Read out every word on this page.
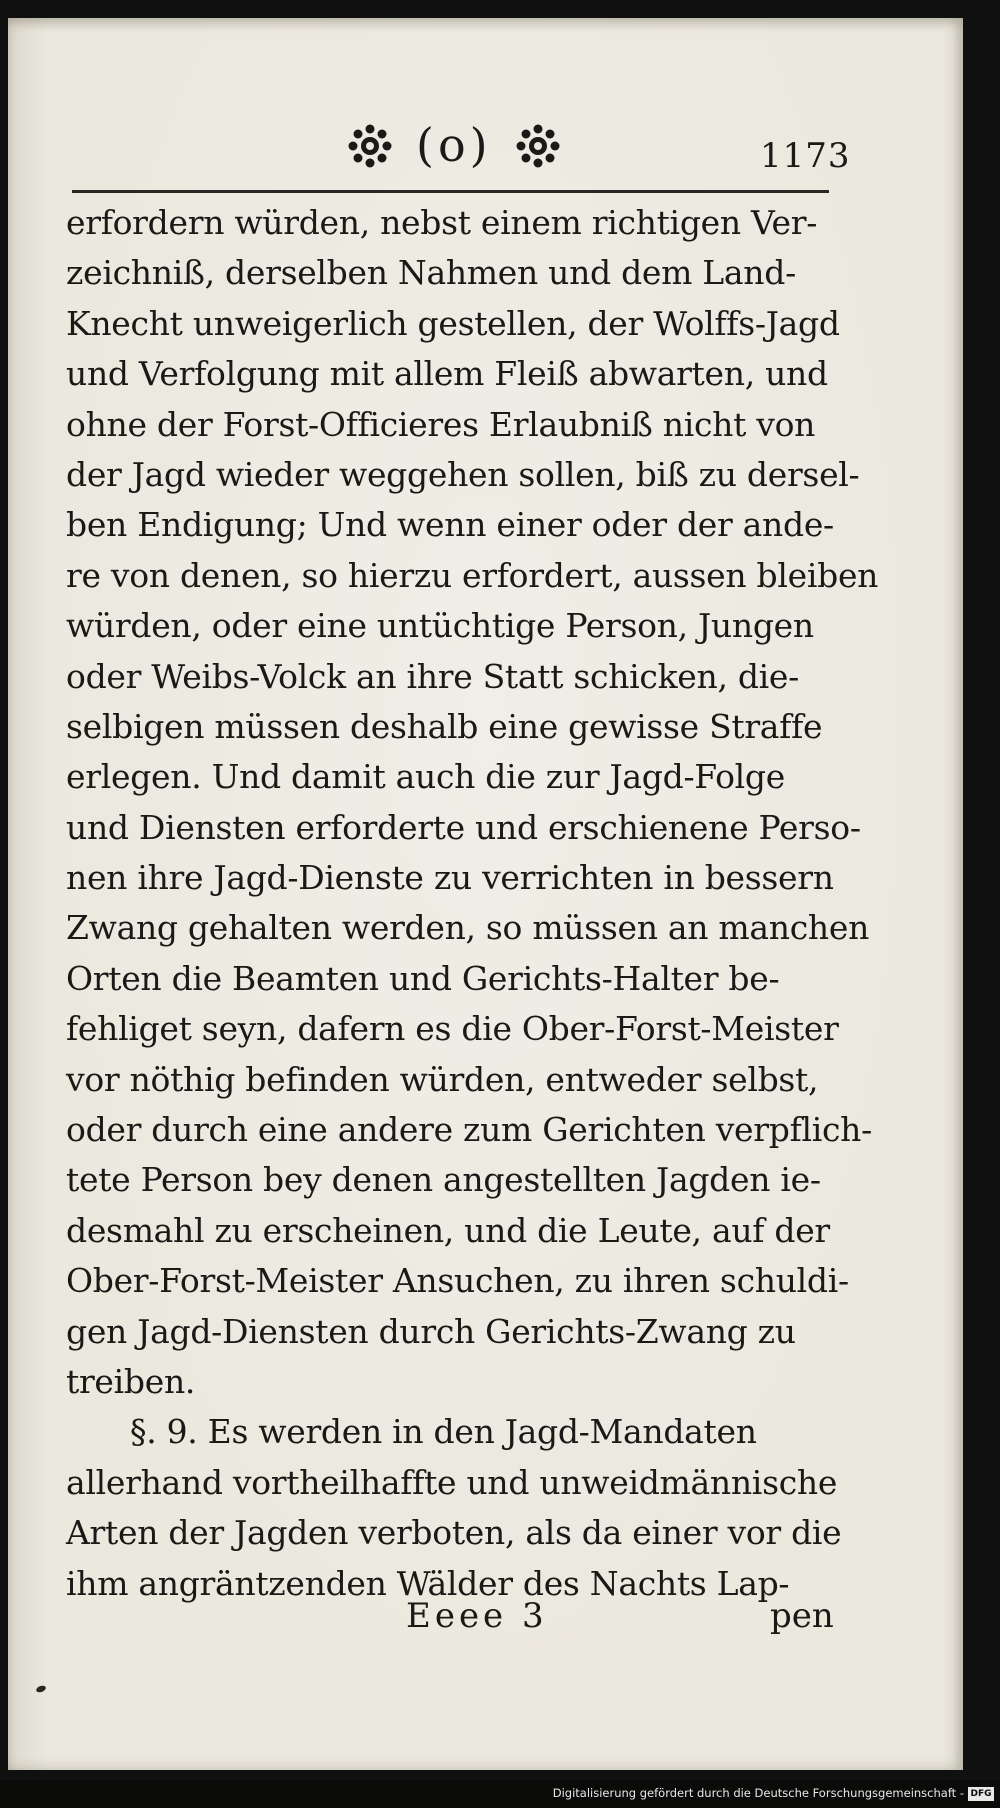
(o)	1173
erfordern würden, nebst einem richtigen Ver-
zeichniß, derselben Nahmen und dem Land-
Knecht unweigerlich gestellen, der Wolffs-Jagd
und Verfolgung mit allem Fleiß abwarten, und
ohne der Forst-Officieres Erlaubniß nicht von
der Jagd wieder weggehen sollen, biß zu dersel-
ben Endigung; Und wenn einer oder der ande-
re von denen, so hierzu erfordert, aussen bleiben
würden, oder eine untüchtige Person, Jungen
oder Weibs-Volck an ihre Statt schicken, die-
selbigen müssen deshalb eine gewisse Straffe
erlegen. Und damit auch die zur Jagd-Folge
und Diensten erforderte und erschienene Perso-
nen ihre Jagd-Dienste zu verrichten in bessern
Zwang gehalten werden, so müssen an manchen
Orten die Beamten und Gerichts-Halter be-
fehliget seyn, dafern es die Ober-Forst-Meister
vor nöthig befinden würden, entweder selbst,
oder durch eine andere zum Gerichten verpflich-
tete Person bey denen angestellten Jagden ie-
desmahl zu erscheinen, und die Leute, auf der
Ober-Forst-Meister Ansuchen, zu ihren schuldi-
gen Jagd-Diensten durch Gerichts-Zwang zu
treiben.
§. 9. Es werden in den Jagd-Mandaten
allerhand vortheilhaffte und unweidmännische
Arten der Jagden verboten, als da einer vor die
ihm angräntzenden Wälder des Nachts Lap-
Eeee 3	pen
Digitalisierung gefördert durch die Deutsche Forschungsgemeinschaft - DFG
